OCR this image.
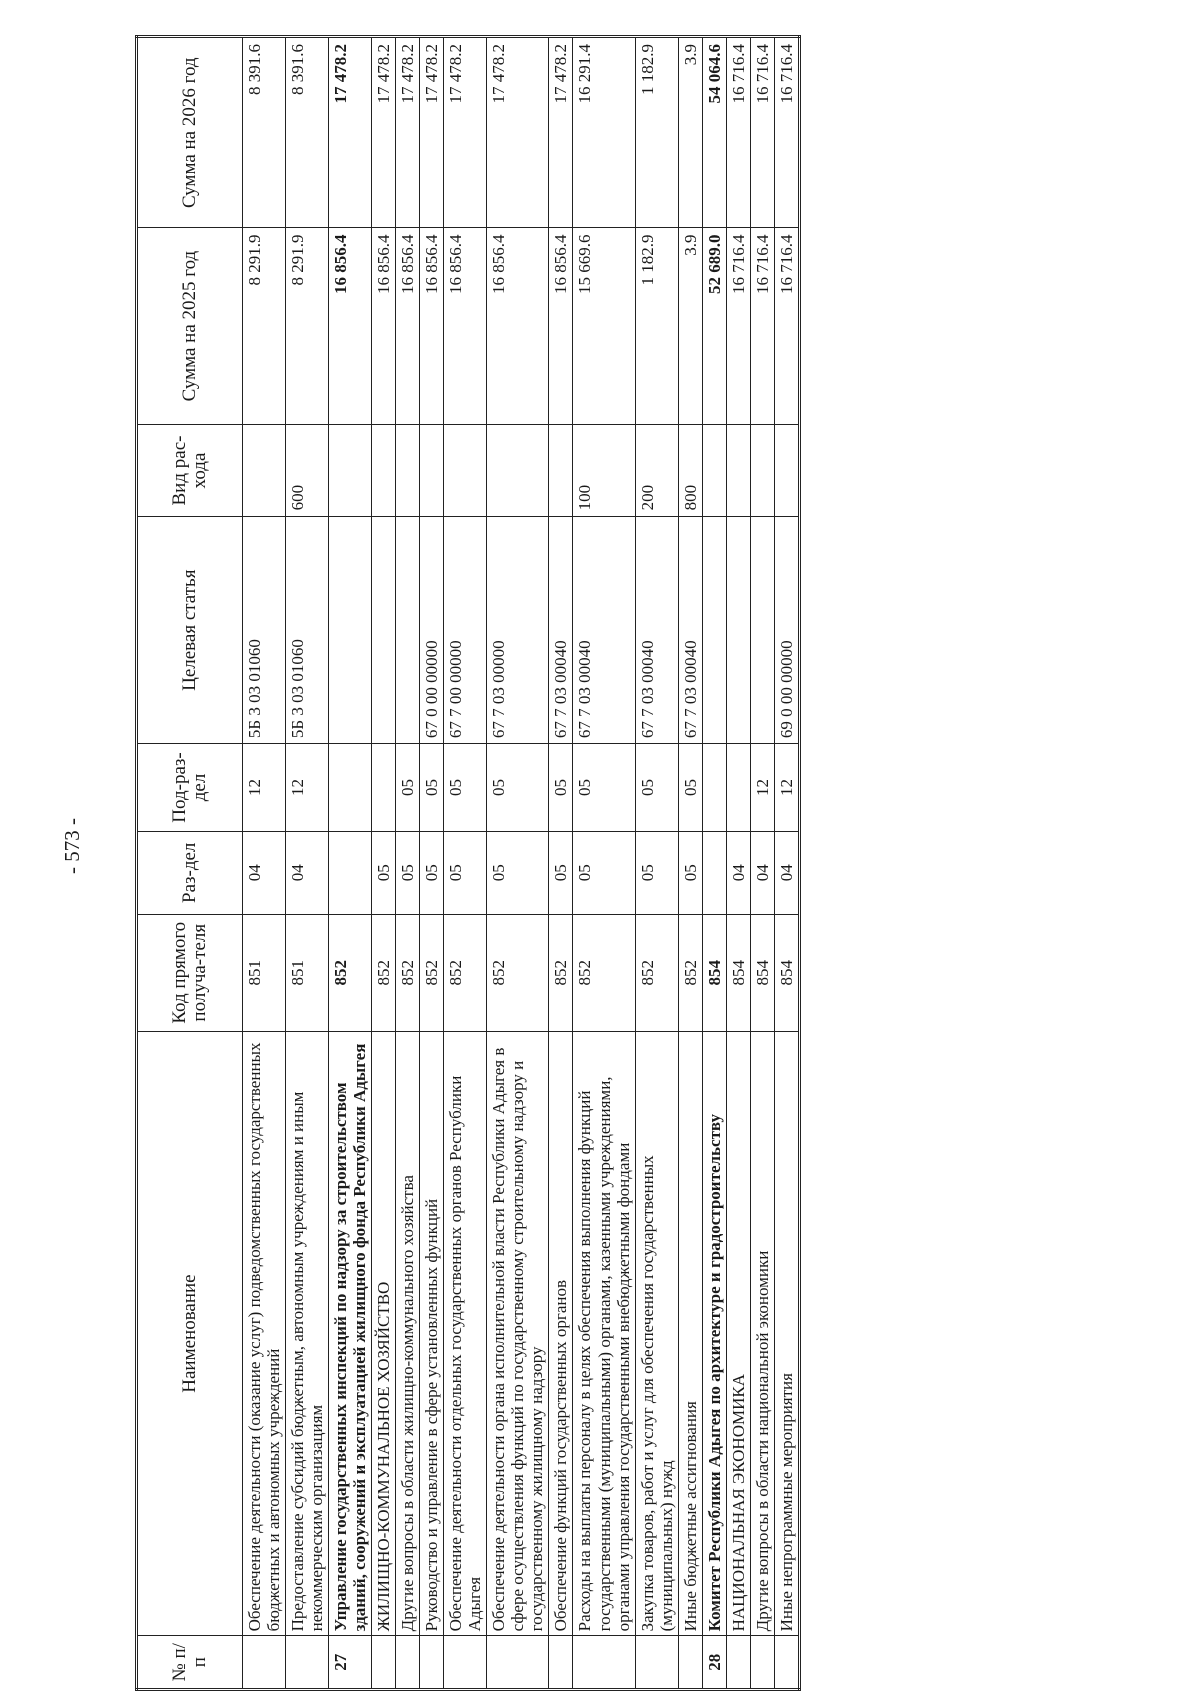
- 573 -
№ п/п	Наименование	Код прямого получа-теля	Раз-дел	Под-раз-дел	Целевая статья	Вид рас-хода	Сумма на 2025 год	Сумма на 2026 год
	Обеспечение деятельности (оказание услуг) подведомственных государственных бюджетных и автономных учреждений	851	04	12	5Б 3 03 01060		8 291.9	8 391.6
	Предоставление субсидий бюджетным, автономным учреждениям и иным некоммерческим организациям	851	04	12	5Б 3 03 01060	600	8 291.9	8 391.6
27	Управление государственных инспекций по надзору за строительством зданий, сооружений и эксплуатацией жилищного фонда Республики Адыгея	852					16 856.4	17 478.2
	ЖИЛИЩНО-КОММУНАЛЬНОЕ ХОЗЯЙСТВО	852	05				16 856.4	17 478.2
	Другие вопросы в области жилищно-коммунального хозяйства	852	05	05			16 856.4	17 478.2
	Руководство и управление в сфере установленных функций	852	05	05	67 0 00 00000		16 856.4	17 478.2
	Обеспечение деятельности отдельных государственных органов Республики Адыгея	852	05	05	67 7 00 00000		16 856.4	17 478.2
	Обеспечение деятельности органа исполнительной власти Республики Адыгея в сфере осуществления функций по государственному строительному надзору и государственному жилищному надзору	852	05	05	67 7 03 00000		16 856.4	17 478.2
	Обеспечение функций государственных органов	852	05	05	67 7 03 00040		16 856.4	17 478.2
	Расходы на выплаты персоналу в целях обеспечения выполнения функций государственными (муниципальными) органами, казенными учреждениями, органами управления государственными внебюджетными фондами	852	05	05	67 7 03 00040	100	15 669.6	16 291.4
	Закупка товаров, работ и услуг для обеспечения государственных (муниципальных) нужд	852	05	05	67 7 03 00040	200	1 182.9	1 182.9
	Иные бюджетные ассигнования	852	05	05	67 7 03 00040	800	3.9	3.9
28	Комитет Республики Адыгея по архитектуре и градостроительству	854					52 689.0	54 064.6
	НАЦИОНАЛЬНАЯ ЭКОНОМИКА	854	04				16 716.4	16 716.4
	Другие вопросы в области национальной экономики	854	04	12			16 716.4	16 716.4
	Иные непрограммные мероприятия	854	04	12	69 0 00 00000		16 716.4	16 716.4
